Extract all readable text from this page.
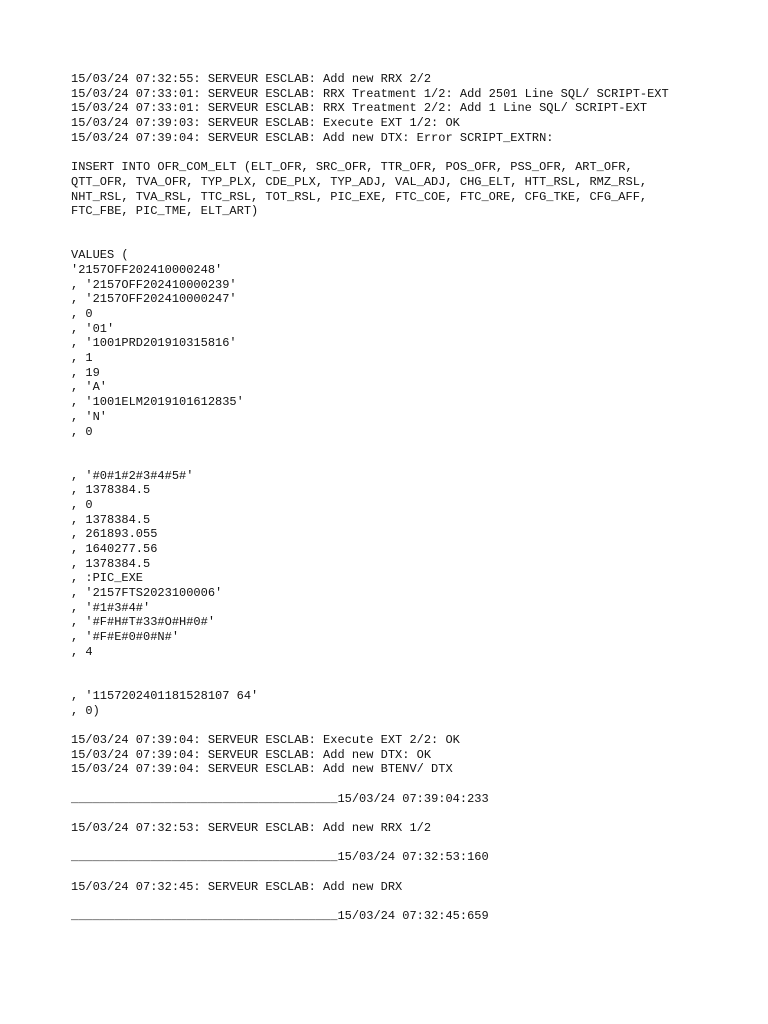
15/03/24 07:32:55: SERVEUR ESCLAB: Add new RRX 2/2
15/03/24 07:33:01: SERVEUR ESCLAB: RRX Treatment 1/2: Add 2501 Line SQL/ SCRIPT-EXT
15/03/24 07:33:01: SERVEUR ESCLAB: RRX Treatment 2/2: Add 1 Line SQL/ SCRIPT-EXT
15/03/24 07:39:03: SERVEUR ESCLAB: Execute EXT 1/2: OK
15/03/24 07:39:04: SERVEUR ESCLAB: Add new DTX: Error SCRIPT_EXTRN:
INSERT INTO OFR_COM_ELT (ELT_OFR, SRC_OFR, TTR_OFR, POS_OFR, PSS_OFR, ART_OFR,
QTT_OFR, TVA_OFR, TYP_PLX, CDE_PLX, TYP_ADJ, VAL_ADJ, CHG_ELT, HTT_RSL, RMZ_RSL,
NHT_RSL, TVA_RSL, TTC_RSL, TOT_RSL, PIC_EXE, FTC_COE, FTC_ORE, CFG_TKE, CFG_AFF,
FTC_FBE, PIC_TME, ELT_ART)
VALUES (
'2157OFF202410000248'
, '2157OFF202410000239'
, '2157OFF202410000247'
, 0
, '01'
, '1001PRD201910315816'
, 1
, 19
, 'A'
, '1001ELM2019101612835'
, 'N'
, 0
, '#0#1#2#3#4#5#'
, 1378384.5
, 0
, 1378384.5
, 261893.055
, 1640277.56
, 1378384.5
, :PIC_EXE
, '2157FTS2023100006'
, '#1#3#4#'
, '#F#H#T#33#O#H#0#'
, '#F#E#0#0#N#'
, 4
, '1157202401181528107 64'
, 0)
15/03/24 07:39:04: SERVEUR ESCLAB: Execute EXT 2/2: OK
15/03/24 07:39:04: SERVEUR ESCLAB: Add new DTX: OK
15/03/24 07:39:04: SERVEUR ESCLAB: Add new BTENV/ DTX
_____________________________________15/03/24 07:39:04:233
15/03/24 07:32:53: SERVEUR ESCLAB: Add new RRX 1/2
_____________________________________15/03/24 07:32:53:160
15/03/24 07:32:45: SERVEUR ESCLAB: Add new DRX
_____________________________________15/03/24 07:32:45:659
